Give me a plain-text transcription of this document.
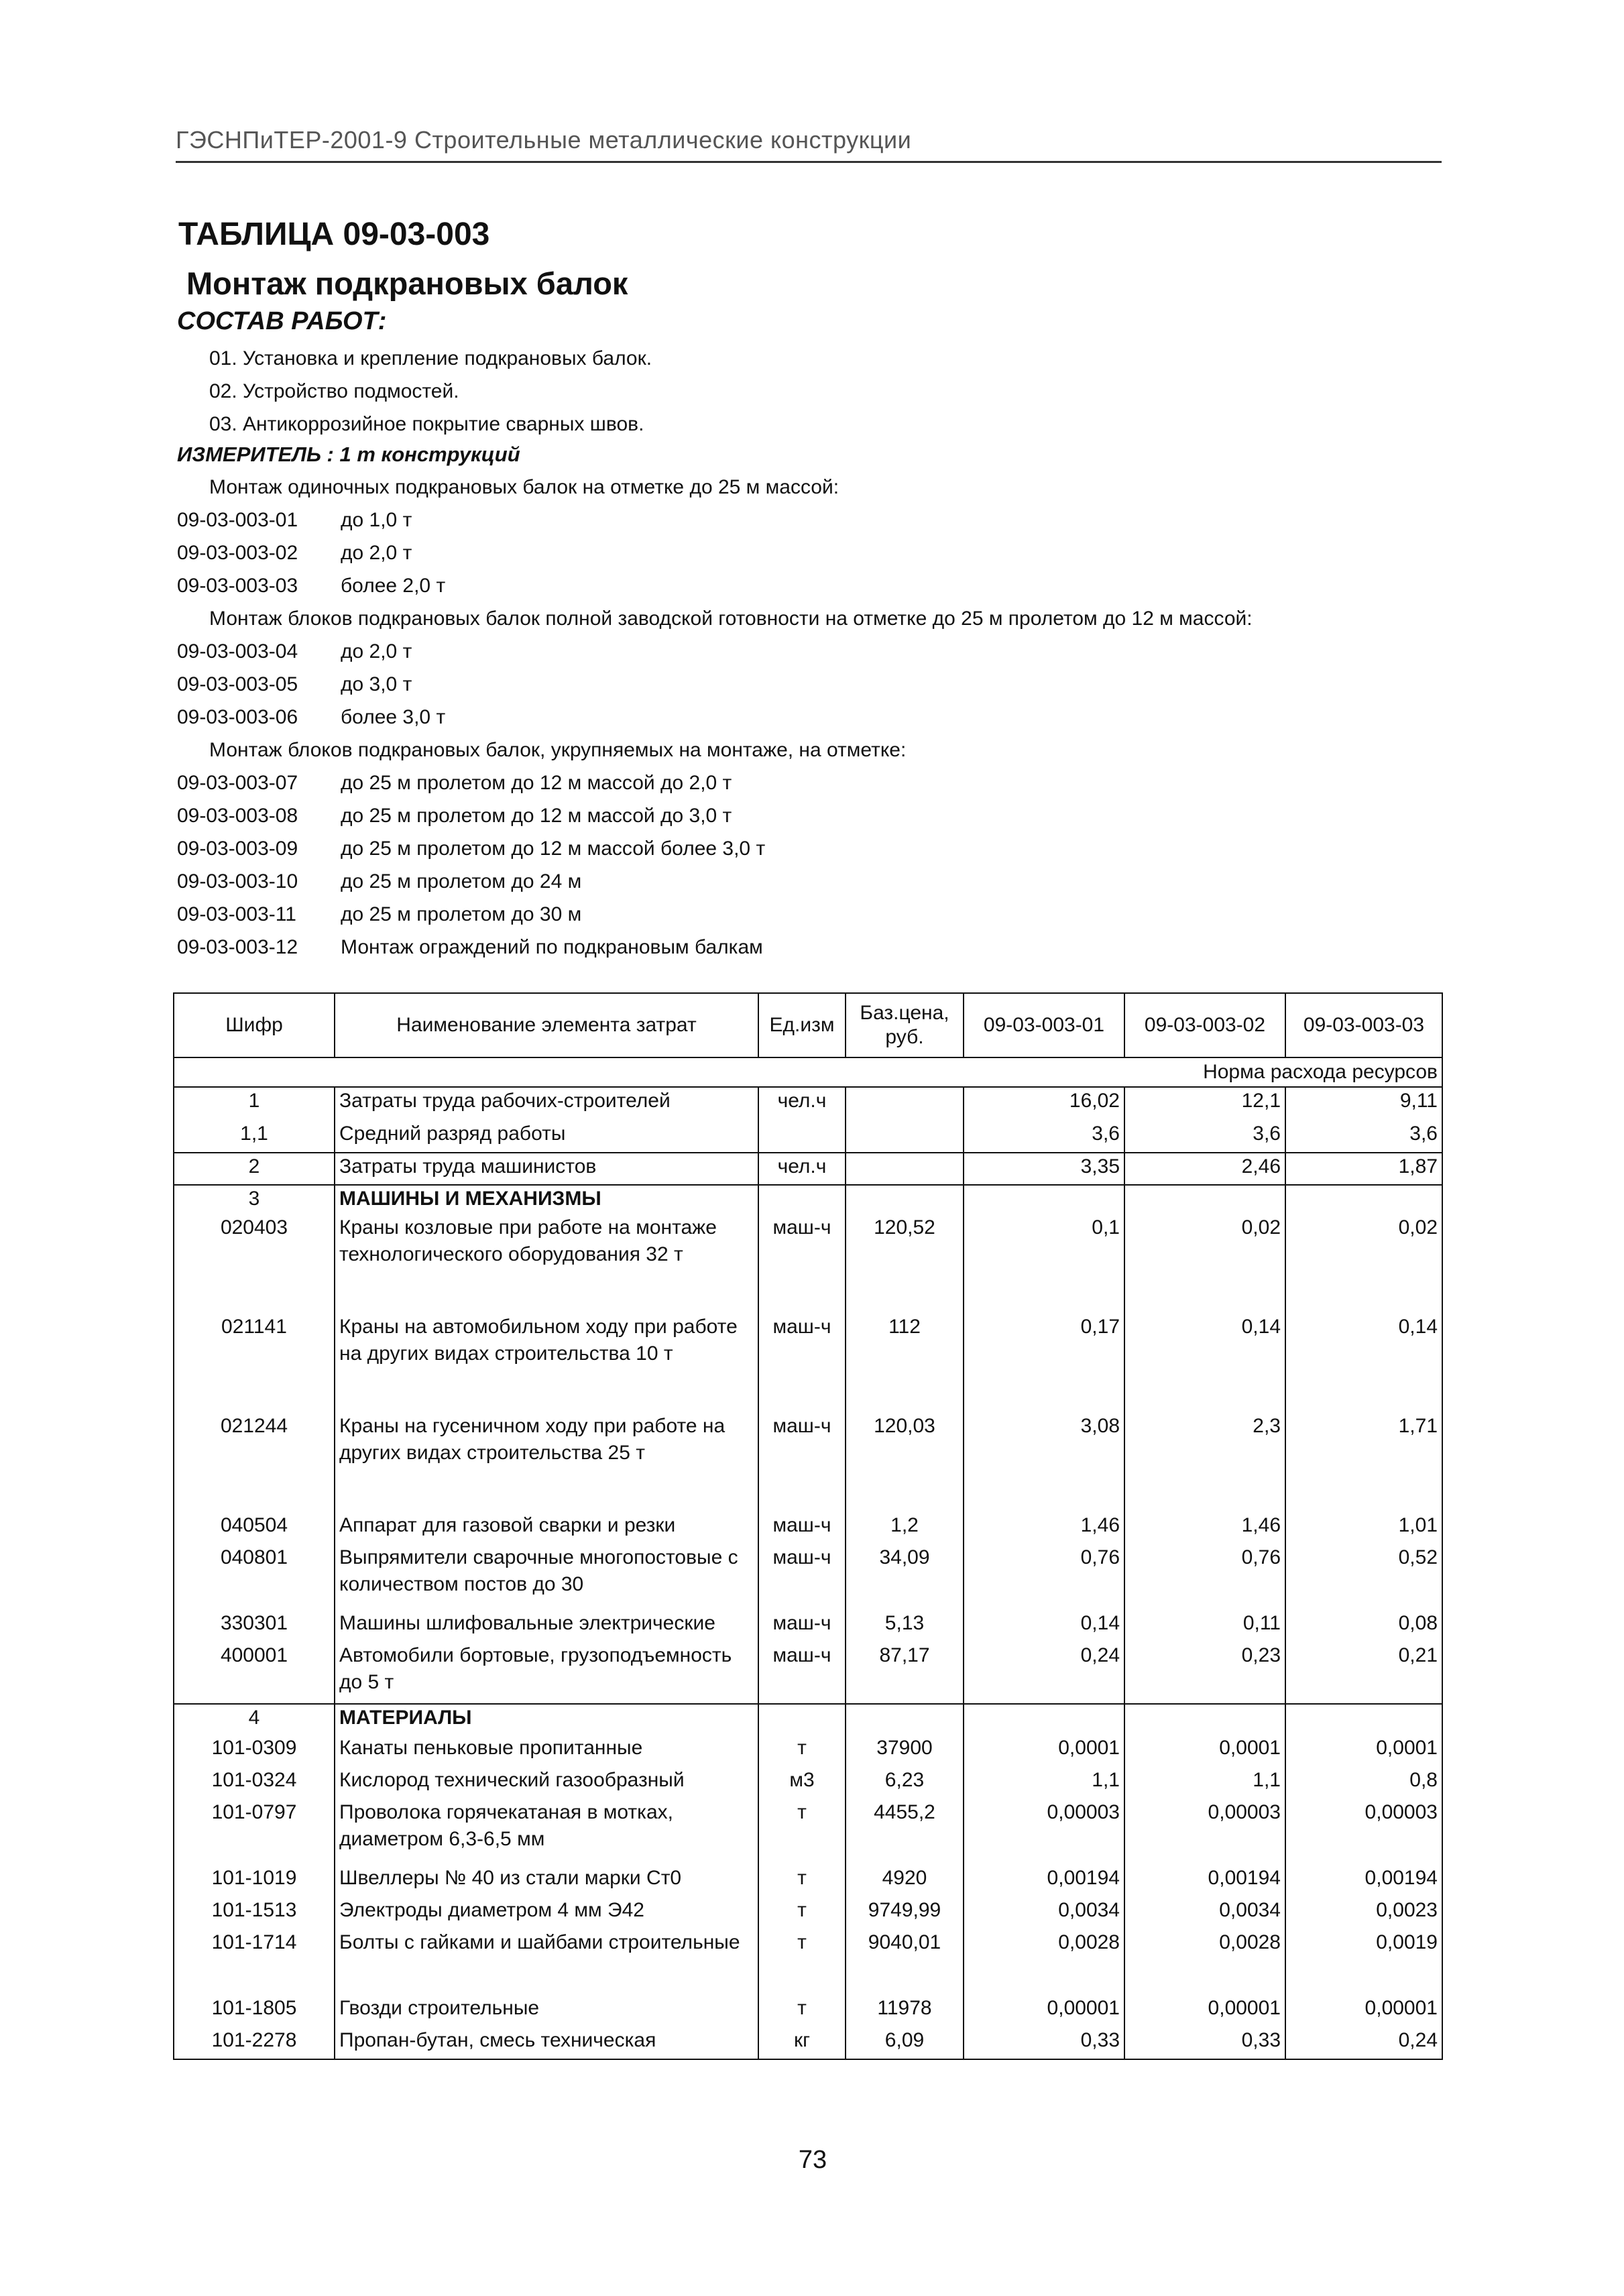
ГЭСНПиТЕР-2001-9 Строительные металлические конструкции
ТАБЛИЦА 09-03-003
Монтаж подкрановых балок
СОСТАВ РАБОТ:
01. Установка и крепление подкрановых балок.
02. Устройство подмостей.
03. Антикоррозийное покрытие сварных швов.
ИЗМЕРИТЕЛЬ : 1 т конструкций
Монтаж одиночных подкрановых балок на отметке до 25 м массой:
09-03-003-01 до 1,0 т
09-03-003-02 до 2,0 т
09-03-003-03 более 2,0 т
Монтаж блоков подкрановых балок полной заводской готовности на отметке до 25 м пролетом до 12 м массой:
09-03-003-04 до 2,0 т
09-03-003-05 до 3,0 т
09-03-003-06 более 3,0 т
Монтаж блоков подкрановых балок, укрупняемых на монтаже, на отметке:
09-03-003-07 до 25 м пролетом до 12 м массой до 2,0 т
09-03-003-08 до 25 м пролетом до 12 м массой до 3,0 т
09-03-003-09 до 25 м пролетом до 12 м массой более 3,0 т
09-03-003-10 до 25 м пролетом до 24 м
09-03-003-11 до 25 м пролетом до 30 м
09-03-003-12 Монтаж ограждений по подкрановым балкам
Шифр	Наименование элемента затрат	Ед.изм	Баз.цена, руб.	09-03-003-01	09-03-003-02	09-03-003-03
Норма расхода ресурсов						
1	Затраты труда рабочих-строителей	чел.ч		16,02	12,1	9,11
1,1	Средний разряд работы			3,6	3,6	3,6
2	Затраты труда машинистов	чел.ч		3,35	2,46	1,87
3	МАШИНЫ И МЕХАНИЗМЫ					
020403	Краны козловые при работе на монтаже технологического оборудования 32 т	маш-ч	120,52	0,1	0,02	0,02
021141	Краны на автомобильном ходу при работе на других видах строительства 10 т	маш-ч	112	0,17	0,14	0,14
021244	Краны на гусеничном ходу при работе на других видах строительства 25 т	маш-ч	120,03	3,08	2,3	1,71
040504	Аппарат для газовой сварки и резки	маш-ч	1,2	1,46	1,46	1,01
040801	Выпрямители сварочные многопостовые с количеством постов до 30	маш-ч	34,09	0,76	0,76	0,52
330301	Машины шлифовальные электрические	маш-ч	5,13	0,14	0,11	0,08
400001	Автомобили бортовые, грузоподъемность до 5 т	маш-ч	87,17	0,24	0,23	0,21
4	МАТЕРИАЛЫ					
101-0309	Канаты пеньковые пропитанные	т	37900	0,0001	0,0001	0,0001
101-0324	Кислород технический газообразный	м3	6,23	1,1	1,1	0,8
101-0797	Проволока горячекатаная в мотках, диаметром 6,3-6,5 мм	т	4455,2	0,00003	0,00003	0,00003
101-1019	Швеллеры № 40 из стали марки Ст0	т	4920	0,00194	0,00194	0,00194
101-1513	Электроды диаметром 4 мм Э42	т	9749,99	0,0034	0,0034	0,0023
101-1714	Болты с гайками и шайбами строительные	т	9040,01	0,0028	0,0028	0,0019
101-1805	Гвозди строительные	т	11978	0,00001	0,00001	0,00001
101-2278	Пропан-бутан, смесь техническая	кг	6,09	0,33	0,33	0,24
73
